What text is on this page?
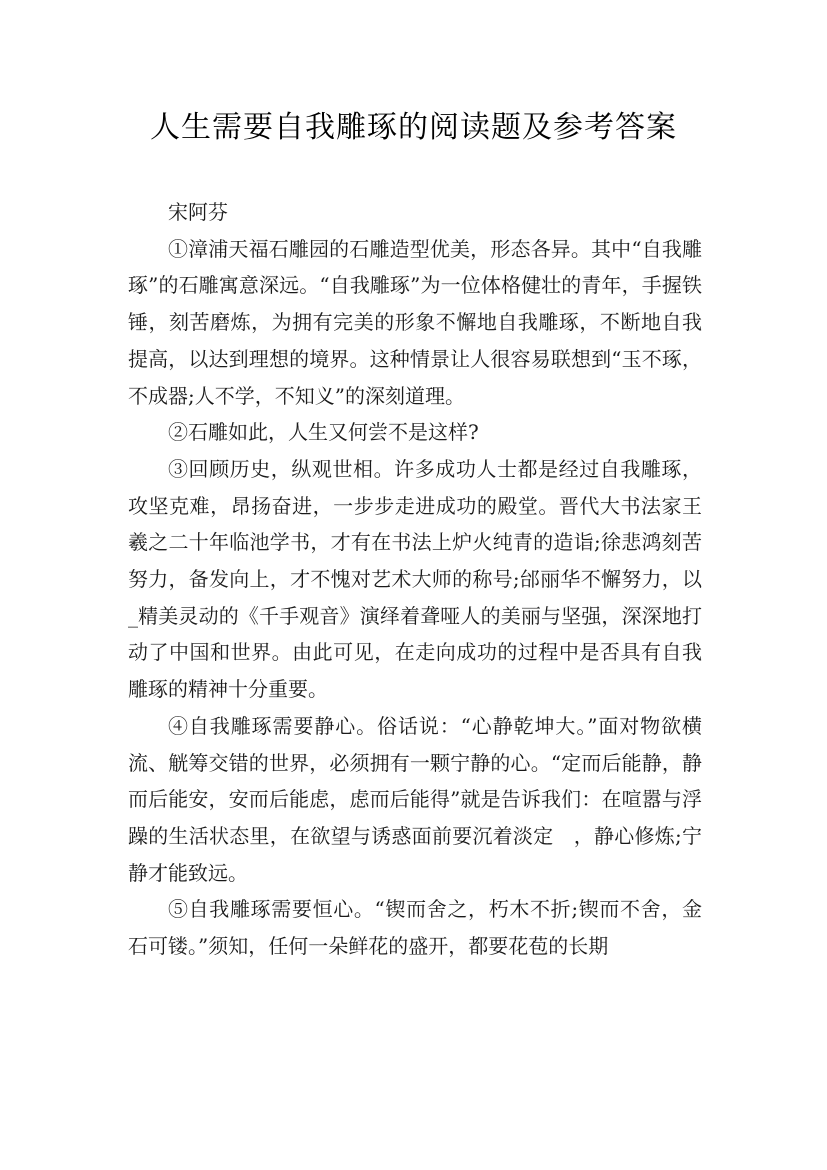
人生需要自我雕琢的阅读题及参考答案

宋阿芬

①漳浦天福石雕园的石雕造型优美，形态各异。其中“自我雕琢”的石雕寓意深远。“自我雕琢”为一位体格健壮的青年，手握铁锤，刻苦磨炼，为拥有完美的形象不懈地自我雕琢，不断地自我提高，以达到理想的境界。这种情景让人很容易联想到“玉不琢，不成器;人不学，不知义”的深刻道理。

②石雕如此，人生又何尝不是这样?

③回顾历史，纵观世相。许多成功人士都是经过自我雕琢，攻坚克难，昂扬奋进，一步步走进成功的殿堂。晋代大书法家王羲之二十年临池学书，才有在书法上炉火纯青的造诣;徐悲鸿刻苦努力，备发向上，才不愧对艺术大师的称号;邰丽华不懈努力，以_精美灵动的《千手观音》演绎着聋哑人的美丽与坚强，深深地打动了中国和世界。由此可见，在走向成功的过程中是否具有自我雕琢的精神十分重要。

④自我雕琢需要静心。俗话说：“心静乾坤大。”面对物欲横　流、觥筹交错的世界，必须拥有一颗宁静的心。“定而后能静，静而后能安，安而后能虑，虑而后能得”就是告诉我们：在喧嚣与浮躁的生活状态里，在欲望与诱惑面前要沉着淡定　，静心修炼;宁静才能致远。

⑤自我雕琢需要恒心。“锲而舍之，朽木不折;锲而不舍，金石可镂。”须知，任何一朵鲜花的盛开，都要花苞的长期
